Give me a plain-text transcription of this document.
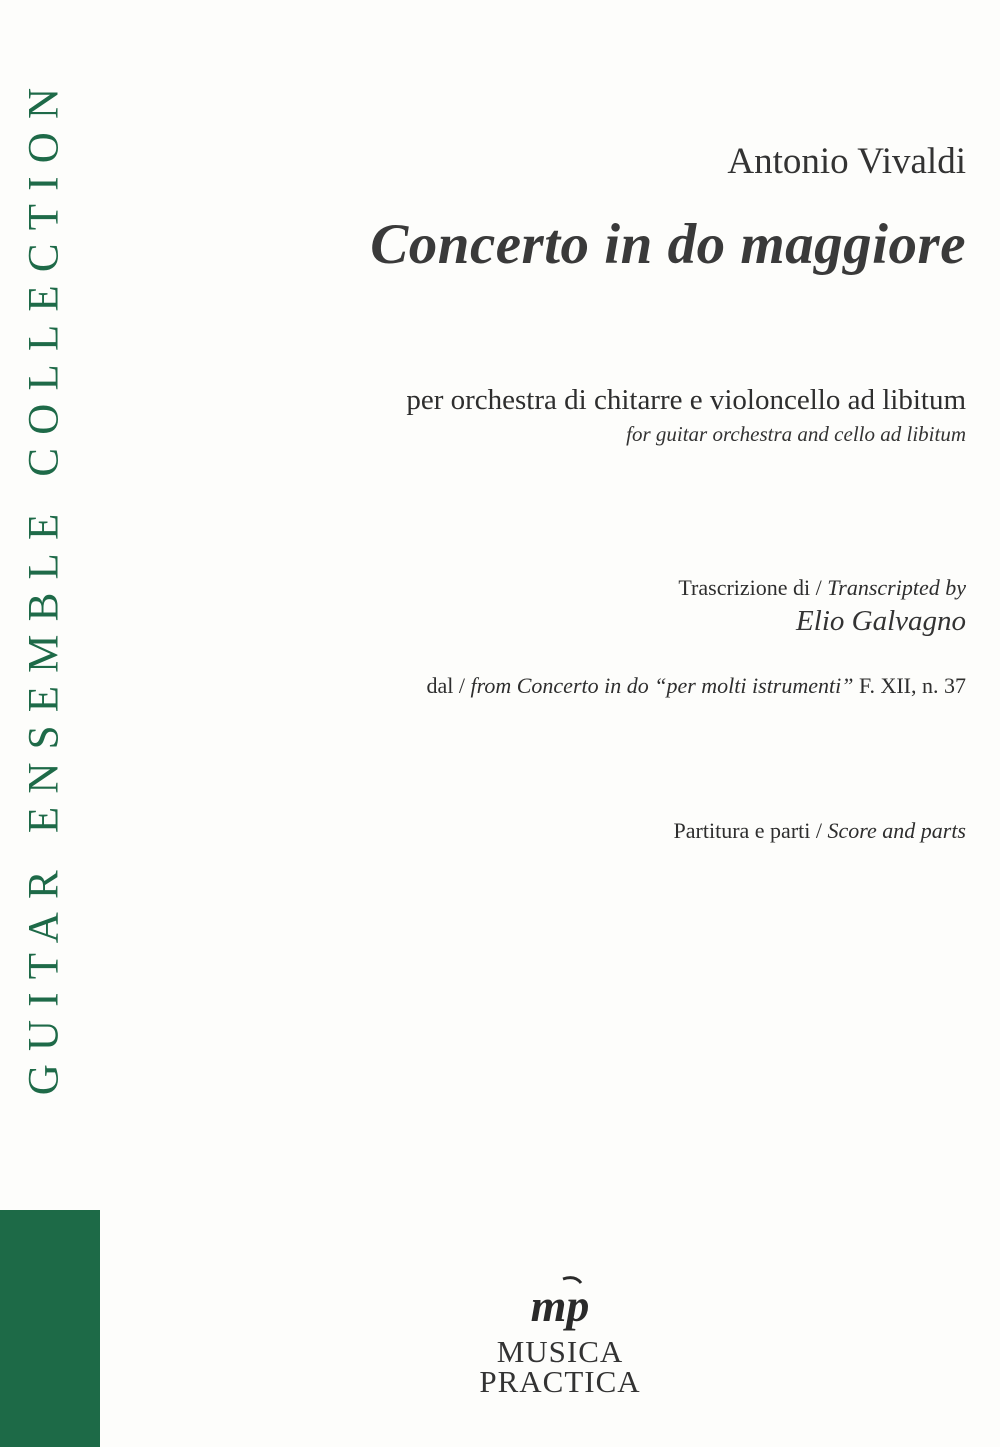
GUITAR ENSEMBLE COLLECTION	Antonio Vivaldi
Concerto in do maggiore
per orchestra di chitarre e violoncello ad libitum
for guitar orchestra and cello ad libitum
Trascrizione di / Transcripted by
Elio Galvagno
dal / from Concerto in do “per molti istrumenti” F. XII, n. 37
Partitura e parti / Score and parts
mp
MUSICA
PRACTICA
